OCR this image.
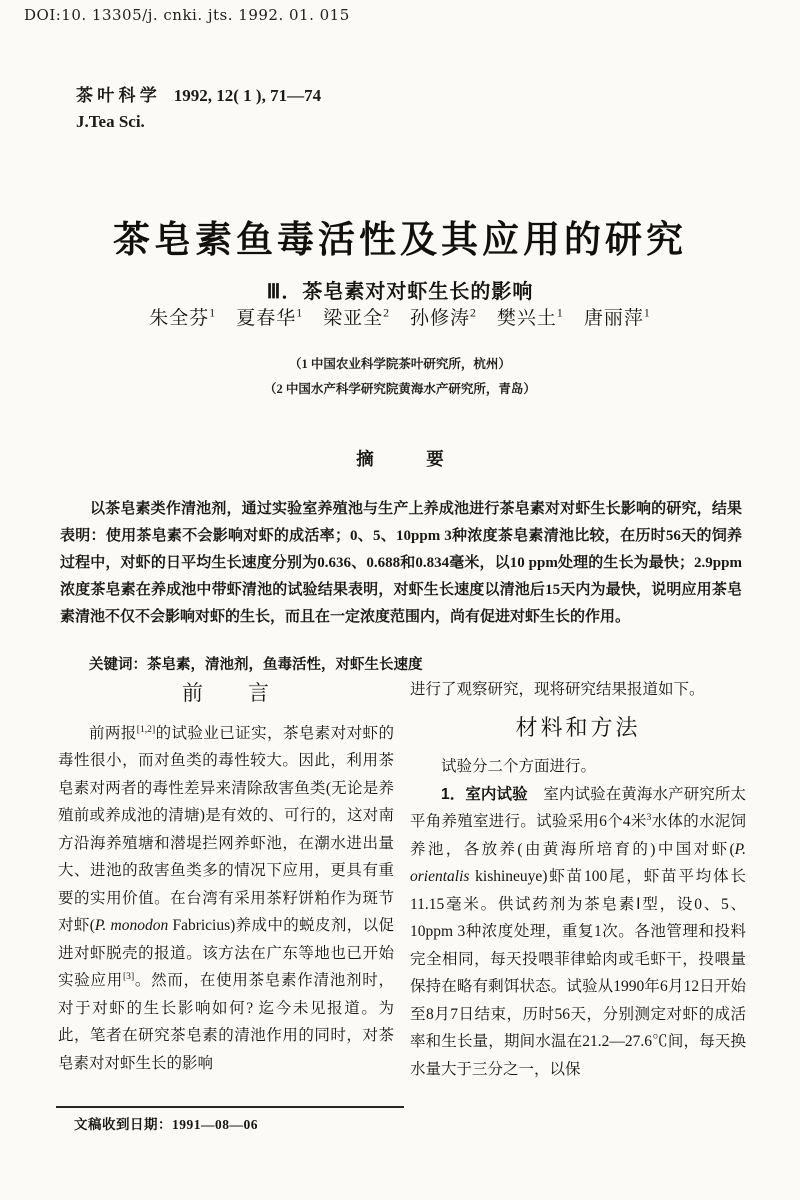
DOI:10. 13305/j. cnki. jts. 1992. 01. 015
茶 叶 科 学　1992, 12( 1 ), 71—74
J.Tea Sci.
茶皂素鱼毒活性及其应用的研究
Ⅲ．茶皂素对对虾生长的影响
朱全芬$^1$　夏春华$^1$　梁亚全$^2$　孙修涛$^2$　樊兴土$^1$　唐丽萍$^1$
（1 中国农业科学院茶叶研究所，杭州）
（2 中国水产科学研究院黄海水产研究所，青岛）
摘　　　要

以茶皂素类作清池剂，通过实验室养殖池与生产上养成池进行茶皂素对对虾生长影响的研究，结果表明：使用茶皂素不会影响对虾的成活率；0、5、10ppm 3种浓度茶皂素清池比较，在历时56天的饲养过程中，对虾的日平均生长速度分别为0.636、0.688和0.834毫米，以10 ppm处理的生长为最快；2.9ppm浓度茶皂素在养成池中带虾清池的试验结果表明，对虾生长速度以清池后15天内为最快，说明应用茶皂素清池不仅不会影响对虾的生长，而且在一定浓度范围内，尚有促进对虾生长的作用。

关键词：茶皂素，清池剂，鱼毒活性，对虾生长速度

前　　言

前两报[1,2]的试验业已证实，茶皂素对对虾的毒性很小，而对鱼类的毒性较大。因此，利用茶皂素对两者的毒性差异来清除敌害鱼类(无论是养殖前或养成池的清塘)是有效的、可行的，这对南方沿海养殖塘和潜堤拦网养虾池，在潮水进出量大、进池的敌害鱼类多的情况下应用，更具有重要的实用价值。在台湾有采用茶籽饼粕作为斑节对虾(P. monodon Fabricius)养成中的蜕皮剂，以促进对虾脱壳的报道。该方法在广东等地也已开始实验应用[3]。然而，在使用茶皂素作清池剂时，对于对虾的生长影响如何? 迄今未见报道。为此，笔者在研究茶皂素的清池作用的同时，对茶皂素对对虾生长的影响

进行了观察研究，现将研究结果报道如下。

材料和方法

试验分二个方面进行。

1．室内试验　室内试验在黄海水产研究所太平角养殖室进行。试验采用6个4米$^3$水体的水泥饲养池，各放养(由黄海所培育的)中国对虾(P. orientalis kishineuye)虾苗100尾，虾苗平均体长11.15毫米。供试药剂为茶皂素Ⅰ型，设0、5、10ppm 3种浓度处理，重复1次。各池管理和投料完全相同，每天投喂菲律蛤肉或毛虾干，投喂量保持在略有剩饵状态。试验从1990年6月12日开始至8月7日结束，历时56天，分别测定对虾的成活率和生长量，期间水温在21.2—27.6℃间，每天换水量大于三分之一，以保

文稿收到日期：1991—08—06
